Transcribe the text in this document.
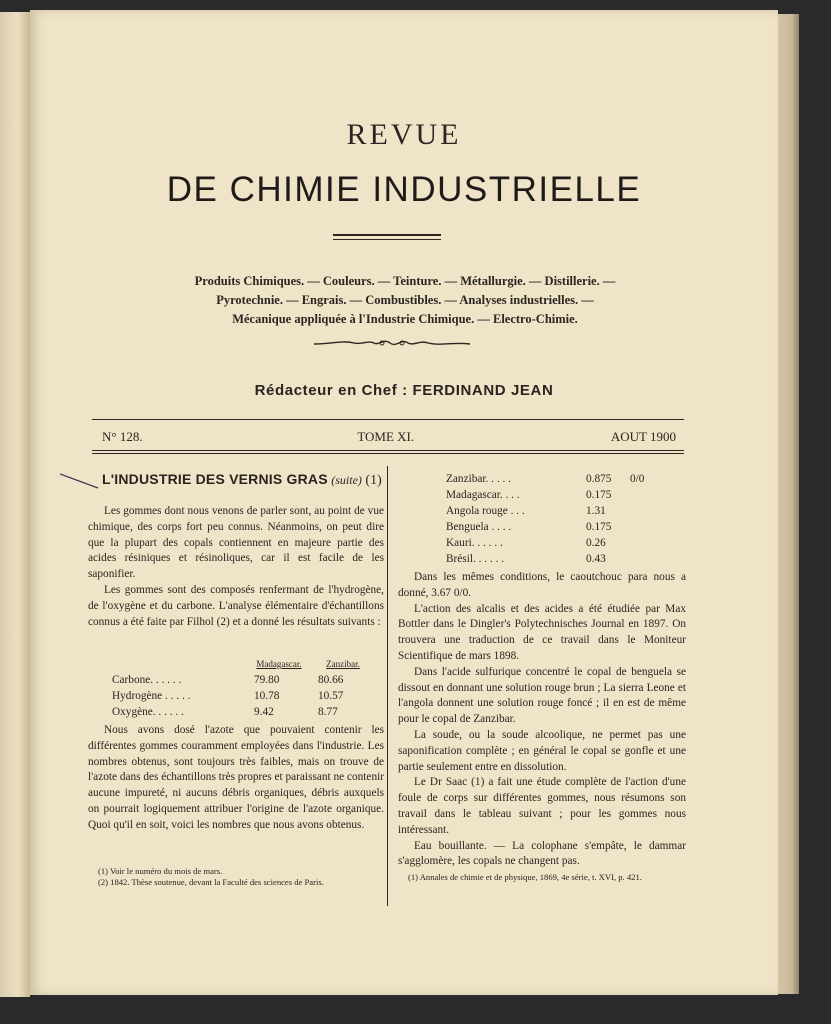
REVUE
DE CHIMIE INDUSTRIELLE
Produits Chimiques. — Couleurs. — Teinture. — Métallurgie. — Distillerie. —
Pyrotechnie. — Engrais. — Combustibles. — Analyses industrielles. —
Mécanique appliquée à l'Industrie Chimique. — Electro-Chimie.
Rédacteur en Chef : FERDINAND JEAN
N° 128.	TOME XI.	AOUT 1900
L'INDUSTRIE DES VERNIS GRAS (suite) (1)

Les gommes dont nous venons de parler sont, au point de vue chimique, des corps fort peu connus. Néanmoins, on peut dire que la plupart des copals contiennent en majeure partie des acides résiniques et résinoliques, car il est facile de les saponifier.

Les gommes sont des composés renfermant de l'hydrogène, de l'oxygène et du carbone. L'analyse élémentaire d'échantillons connus a été faite par Filhol (2) et a donné les résultats suivants :

Madagascar.	Zanzibar.
Carbone. . . . . .	79.80	80.66
Hydrogène . . . . .	10.78	10.57
Oxygène. . . . . .	9.42	8.77

Nous avons dosé l'azote que pouvaient contenir les différentes gommes couramment employées dans l'industrie. Les nombres obtenus, sont toujours très faibles, mais on trouve de l'azote dans des échantillons très propres et paraissant ne contenir aucune impureté, ni aucuns débris organiques, débris auxquels on pourrait logiquement attribuer l'origine de l'azote organique. Quoi qu'il en soit, voici les nombres que nous avons obtenus.

(1) Voir le numéro du mois de mars.

(2) 1842. Thèse soutenue, devant la Faculté des sciences de Paris.

Zanzibar. . . . .	0.875	0/0
Madagascar. . . .	0.175
Angola rouge . . .	1.31
Benguela . . . .	0.175
Kauri. . . . . .	0.26
Brésil. . . . . .	0.43

Dans les mêmes conditions, le caoutchouc para nous a donné, 3.67 0/0.

L'action des alcalis et des acides a été étudiée par Max Bottler dans le Dingler's Polytechnisches Journal en 1897. On trouvera une traduction de ce travail dans le Moniteur Scientifique de mars 1898.

Dans l'acide sulfurique concentré le copal de benguela se dissout en donnant une solution rouge brun ; La sierra Leone et l'angola donnent une solution rouge foncé ; il en est de même pour le copal de Zanzibar.

La soude, ou la soude alcoolique, ne permet pas une saponification complète ; en général le copal se gonfle et une partie seulement entre en dissolution.

Le Dr Saac (1) a fait une étude complète de l'action d'une foule de corps sur différentes gommes, nous résumons son travail dans le tableau suivant ; pour les gommes nous intéressant.

Eau bouillante. — La colophane s'empâte, le dammar s'agglomère, les copals ne changent pas.

(1) Annales de chimie et de physique, 1869, 4e série, t. XVI, p. 421.
